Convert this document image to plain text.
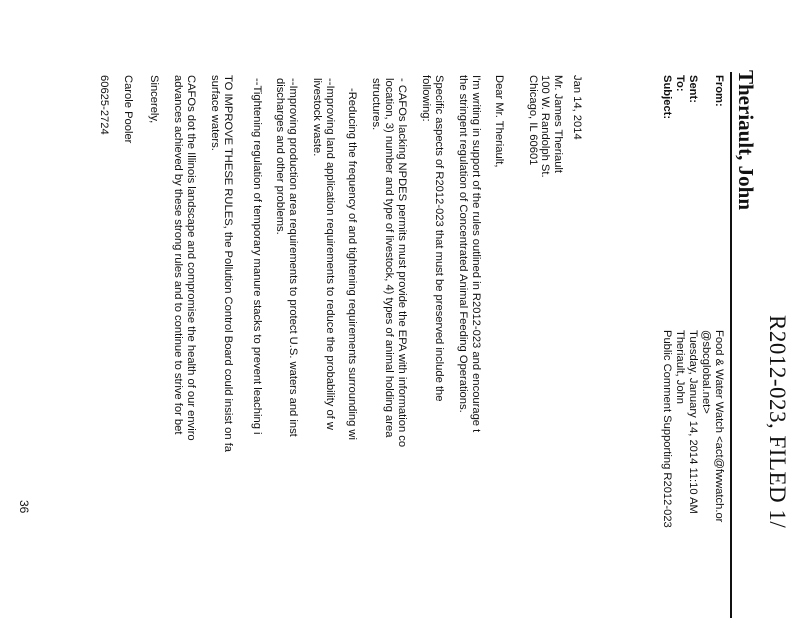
R2012-023, FILED 1/
Theriault, John
From:
Food & Water Watch <act@fwwatch.or
@sbcglobal.net>
Sent:
Tuesday, January 14, 2014 11:10 AM
To:
Theriault, John
Subject:
Public Comment Supporting R2012-023
Jan 14, 2014
Mr. James Theriault
100 W. Randolph St.
Chicago, IL 60601
Dear Mr. Theriault,
I'm writing in support of the rules outlined in R2012-023 and encourage t
the stringent regulation of Concentrated Animal Feeding Operations.
Specific aspects of R2012-023 that must be preserved include the
following:
- CAFOs lacking NPDES permits must provide the EPA with information co
location, 3) number and type of livestock, 4) types of animal holding area
structures.
-Reducing the frequency of and tightening requirements surrounding wi
--Improving land application requirements to reduce the probability of w
livestock waste.
--Improving production area requirements to protect U.S. waters and inst
discharges and other problems.
--Tightening regulation of temporary manure stacks to prevent leaching i
TO IMPROVE THESE RULES, the Pollution Control Board could insist on fa
surface waters.
CAFOs dot the Illinois landscape and compromise the health of our enviro
advances achieved by these strong rules and to continue to strive for bet
Sincerely,
Carole Pooler
60625-2724
36
